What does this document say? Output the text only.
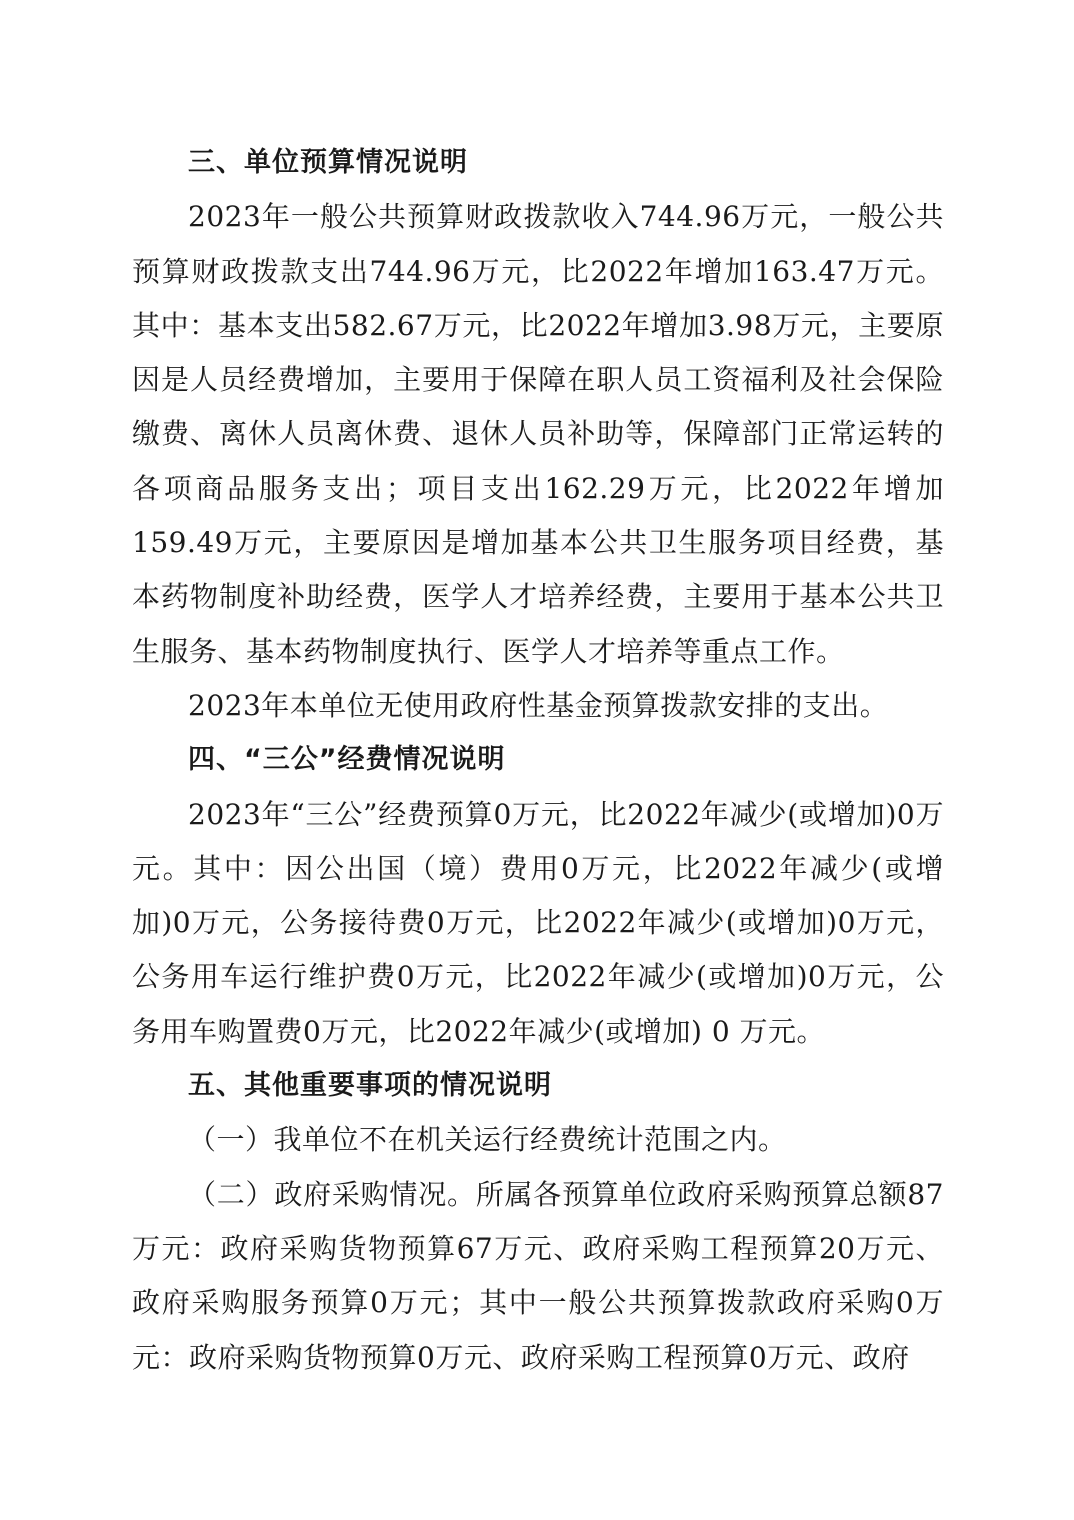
三、单位预算情况说明

2023年一般公共预算财政拨款收入744.96万元，一般公共预算财政拨款支出744.96万元，比2022年增加163.47万元。其中：基本支出582.67万元，比2022年增加3.98万元，主要原因是人员经费增加，主要用于保障在职人员工资福利及社会保险缴费、离休人员离休费、退休人员补助等，保障部门正常运转的各项商品服务支出；项目支出162.29万元，比2022年增加159.49万元，主要原因是增加基本公共卫生服务项目经费，基本药物制度补助经费，医学人才培养经费，主要用于基本公共卫生服务、基本药物制度执行、医学人才培养等重点工作。

2023年本单位无使用政府性基金预算拨款安排的支出。

四、“三公”经费情况说明

2023年“三公”经费预算0万元，比2022年减少(或增加)0万元。其中：因公出国（境）费用0万元，比2022年减少(或增加)0万元，公务接待费0万元，比2022年减少(或增加)0万元，公务用车运行维护费0万元，比2022年减少(或增加)0万元，公务用车购置费0万元，比2022年减少(或增加) 0 万元。

五、其他重要事项的情况说明

（一）我单位不在机关运行经费统计范围之内。

（二）政府采购情况。所属各预算单位政府采购预算总额87万元：政府采购货物预算67万元、政府采购工程预算20万元、政府采购服务预算0万元；其中一般公共预算拨款政府采购0万元：政府采购货物预算0万元、政府采购工程预算0万元、政府
